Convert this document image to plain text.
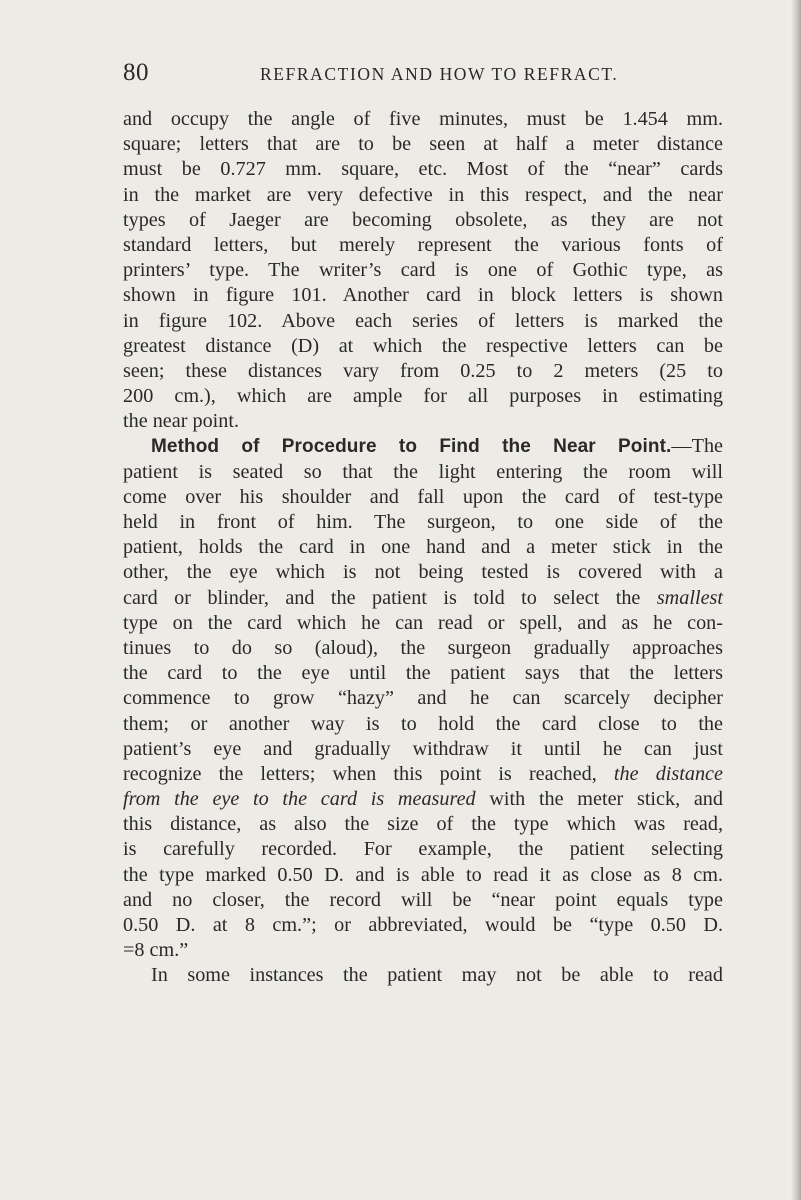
80	REFRACTION AND HOW TO REFRACT.
and occupy the angle of five minutes, must be 1.454 mm.
square; letters that are to be seen at half a meter distance
must be 0.727 mm. square, etc. Most of the “near” cards
in the market are very defective in this respect, and the near
types of Jaeger are becoming obsolete, as they are not
standard letters, but merely represent the various fonts of
printers’ type. The writer’s card is one of Gothic type, as
shown in figure 101. Another card in block letters is shown
in figure 102. Above each series of letters is marked the
greatest distance (D) at which the respective letters can be
seen; these distances vary from 0.25 to 2 meters (25 to
200 cm.), which are ample for all purposes in estimating
the near point.
Method of Procedure to Find the Near Point.—The
patient is seated so that the light entering the room will
come over his shoulder and fall upon the card of test-type
held in front of him. The surgeon, to one side of the
patient, holds the card in one hand and a meter stick in the
other, the eye which is not being tested is covered with a
card or blinder, and the patient is told to select the smallest
type on the card which he can read or spell, and as he con-
tinues to do so (aloud), the surgeon gradually approaches
the card to the eye until the patient says that the letters
commence to grow “hazy” and he can scarcely decipher
them; or another way is to hold the card close to the
patient’s eye and gradually withdraw it until he can just
recognize the letters; when this point is reached, the distance
from the eye to the card is measured with the meter stick, and
this distance, as also the size of the type which was read,
is carefully recorded. For example, the patient selecting
the type marked 0.50 D. and is able to read it as close as 8 cm.
and no closer, the record will be “near point equals type
0.50 D. at 8 cm.”; or abbreviated, would be “type 0.50 D.
=8 cm.”
In some instances the patient may not be able to read
